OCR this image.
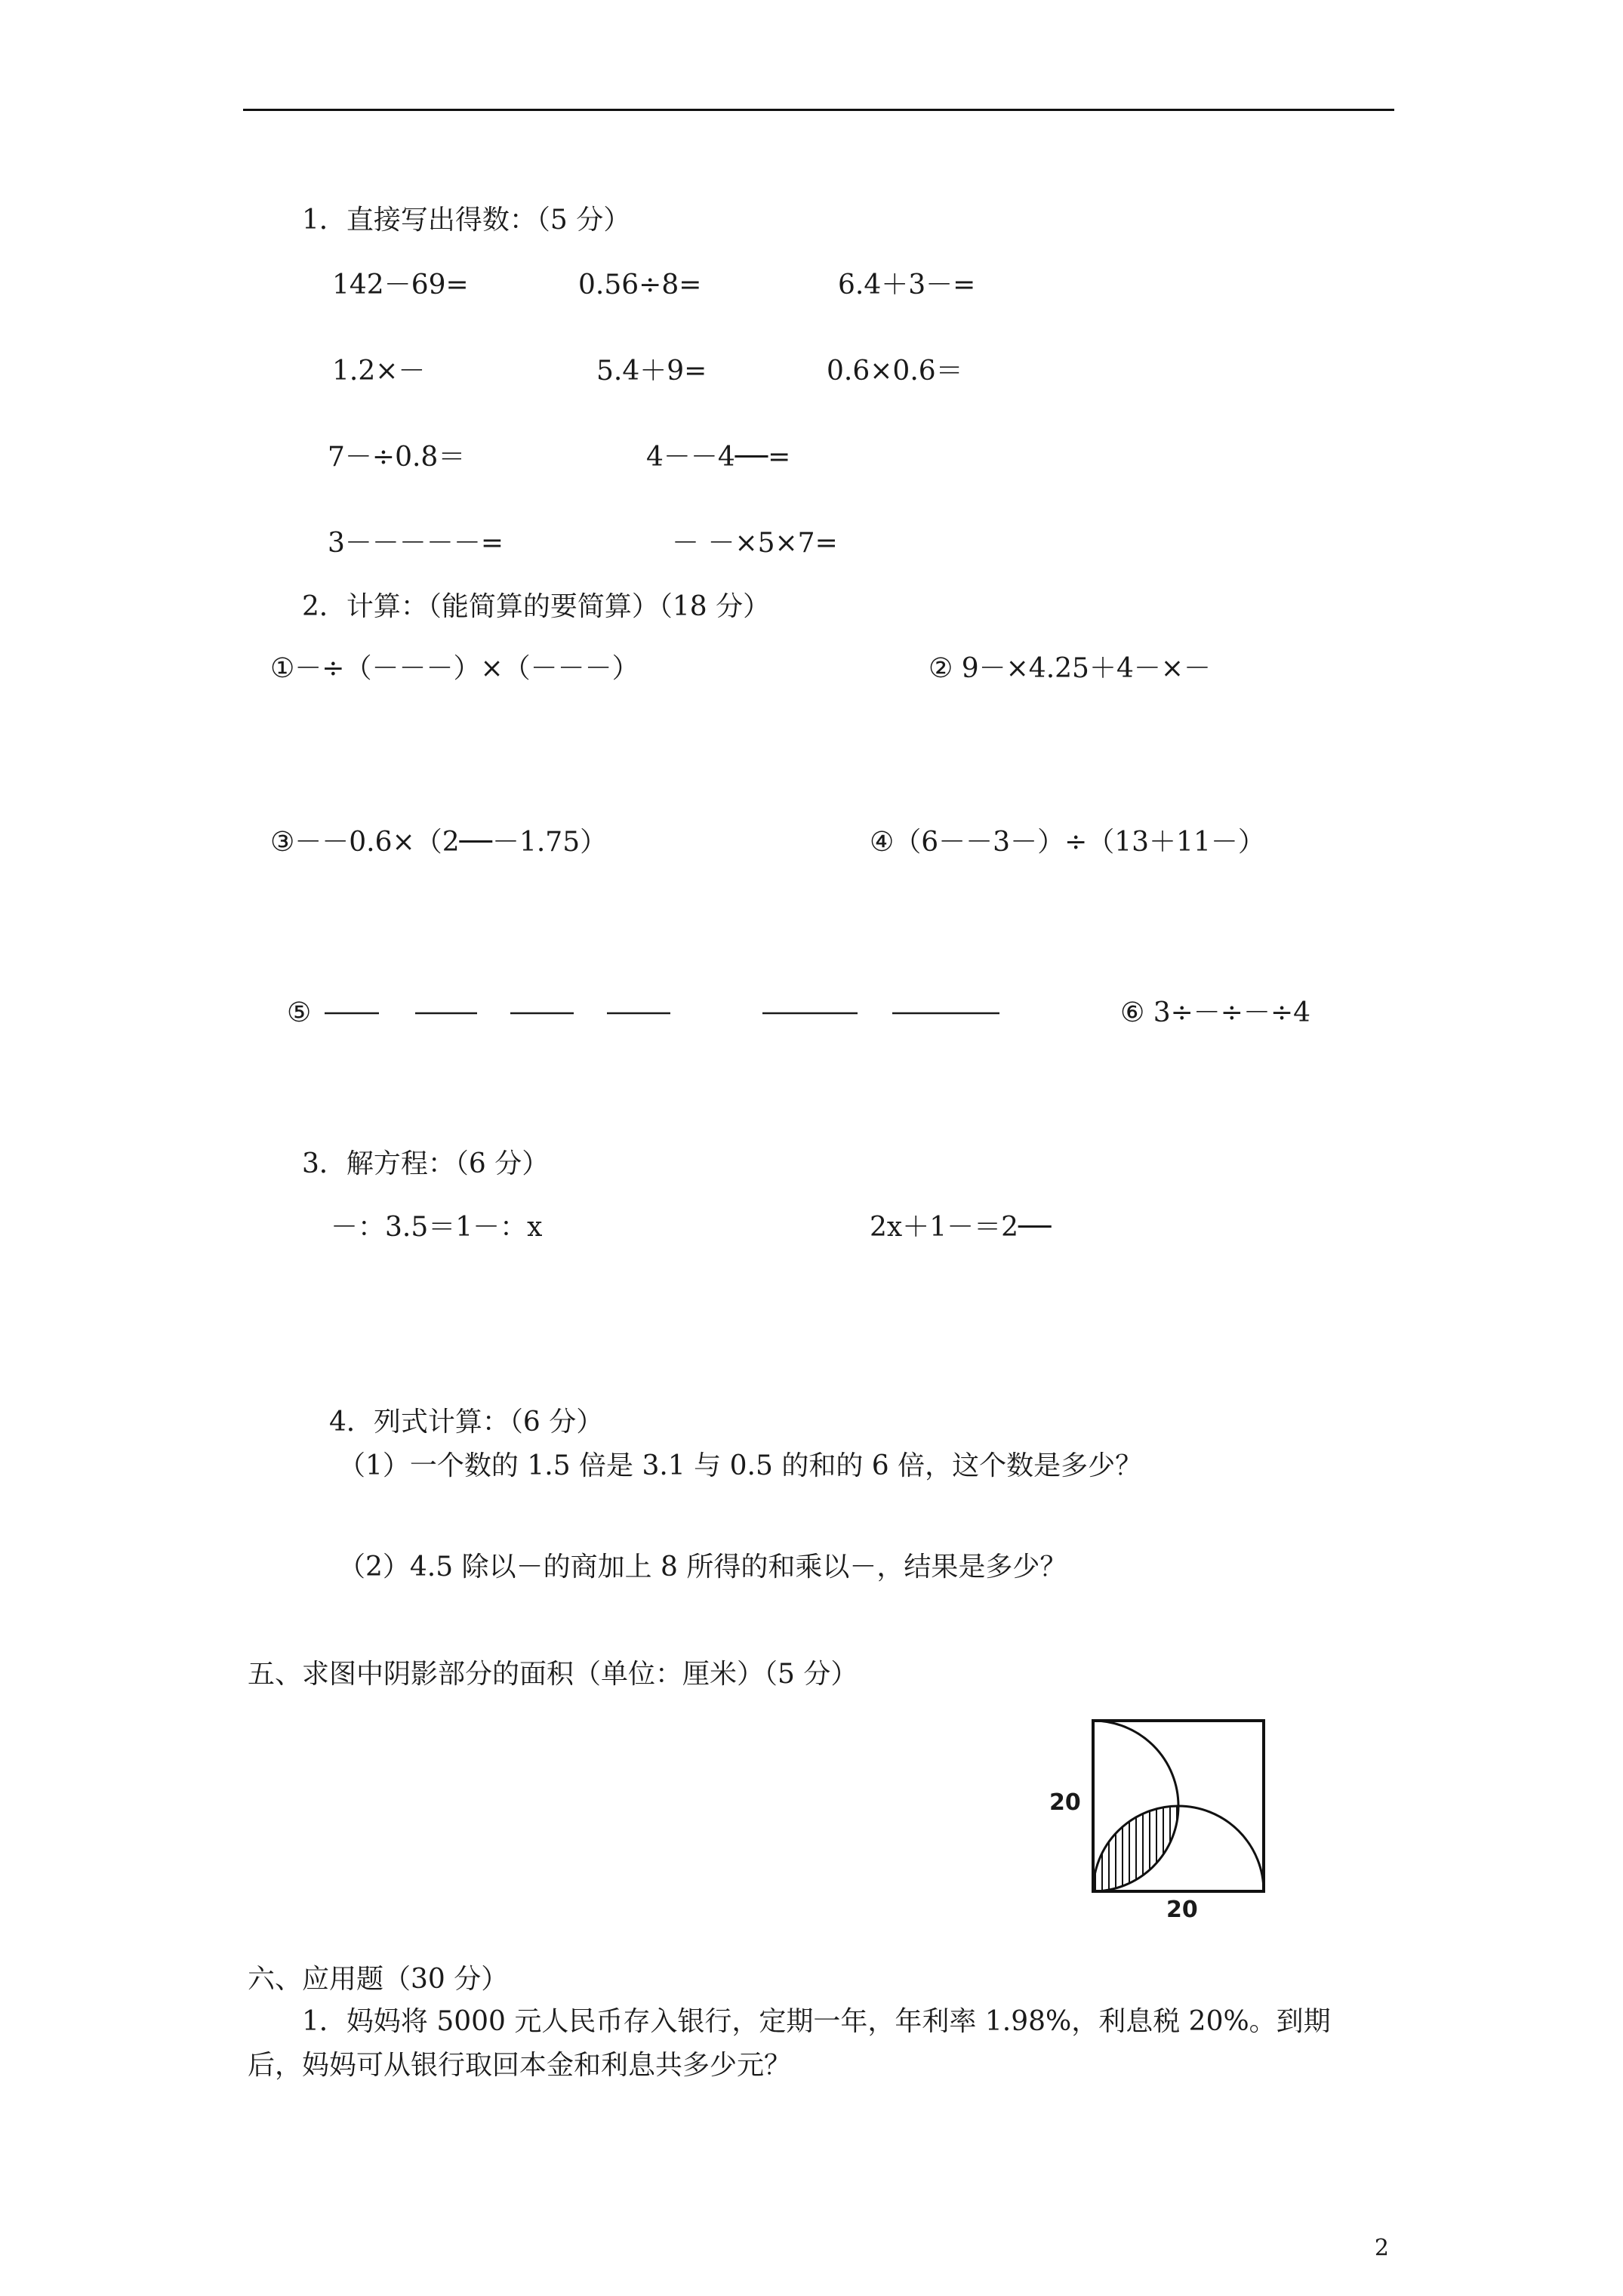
1．直接写出得数：（5 分）
142－69=	0.56÷8=	6.4＋3－=
1.2×－	5.4＋9=	0.6×0.6＝
7－÷0.8＝	4－－4──=
3－－－－－=	－ －×5×7=
2．计算：（能简算的要简算）（18 分）
①－÷（－－－）×（－－－）	② 9－×4.25＋4－×－
③－－0.6×（2──－1.75）	④（6－－3－）÷（13＋11－）
⑤	⑥ 3÷－÷－÷4
3．解方程：（6 分）
－：3.5＝1－：x	2x＋1－＝2──
4．列式计算：（6 分）
（1）一个数的 1.5 倍是 3.1 与 0.5 的和的 6 倍，这个数是多少？
（2）4.5 除以－的商加上 8 所得的和乘以－，结果是多少？
五、求图中阴影部分的面积（单位：厘米）（5 分）
20
20
六、应用题（30 分）
1．妈妈将 5000 元人民币存入银行，定期一年，年利率 1.98%，利息税 20%。到期
后，妈妈可从银行取回本金和利息共多少元？
2
